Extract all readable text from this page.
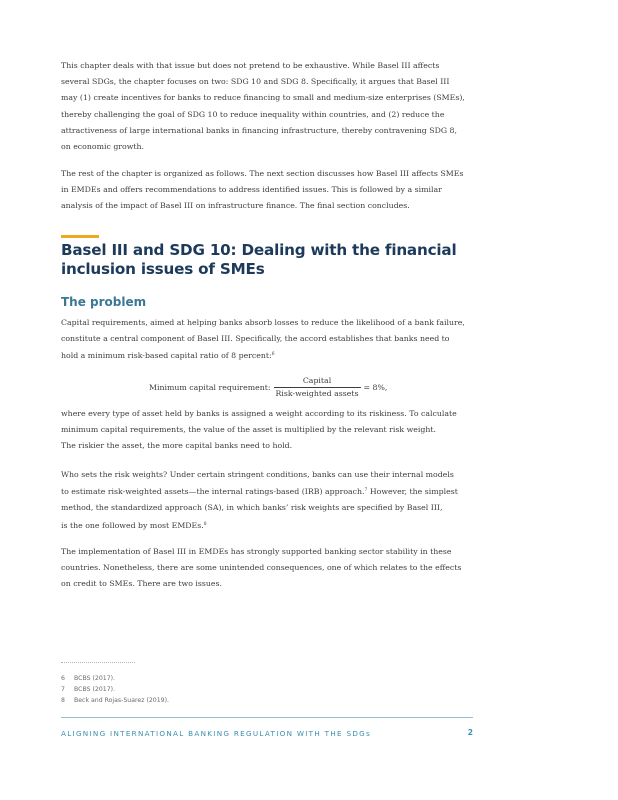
This chapter deals with that issue but does not pretend to be exhaustive. While Basel III affects
several SDGs, the chapter focuses on two: SDG 10 and SDG 8. Specifically, it argues that Basel III
may (1) create incentives for banks to reduce financing to small and medium-size enterprises (SMEs),
thereby challenging the goal of SDG 10 to reduce inequality within countries, and (2) reduce the
attractiveness of large international banks in financing infrastructure, thereby contravening SDG 8,
on economic growth.
The rest of the chapter is organized as follows. The next section discusses how Basel III affects SMEs
in EMDEs and offers recommendations to address identified issues. This is followed by a similar
analysis of the impact of Basel III on infrastructure finance. The final section concludes.
Basel III and SDG 10: Dealing with the financial
inclusion issues of SMEs
The problem
Capital requirements, aimed at helping banks absorb losses to reduce the likelihood of a bank failure,
constitute a central component of Basel III. Specifically, the accord establishes that banks need to
hold a minimum risk-based capital ratio of 8 percent:$^6$
Minimum capital requirement: $\frac{\text{Capital}}{\text{Risk-weighted assets}} = 8\%$,
where every type of asset held by banks is assigned a weight according to its riskiness. To calculate
minimum capital requirements, the value of the asset is multiplied by the relevant risk weight.
The riskier the asset, the more capital banks need to hold.
Who sets the risk weights? Under certain stringent conditions, banks can use their internal models
to estimate risk-weighted assets—the internal ratings-based (IRB) approach.$^7$ However, the simplest
method, the standardized approach (SA), in which banks’ risk weights are specified by Basel III,
is the one followed by most EMDEs.$^8$
The implementation of Basel III in EMDEs has strongly supported banking sector stability in these
countries. Nonetheless, there are some unintended consequences, one of which relates to the effects
on credit to SMEs. There are two issues.
6	BCBS (2017).
7	BCBS (2017).
8	Beck and Rojas-Suarez (2019).
ALIGNING INTERNATIONAL BANKING REGULATION WITH THE SDGs	2
